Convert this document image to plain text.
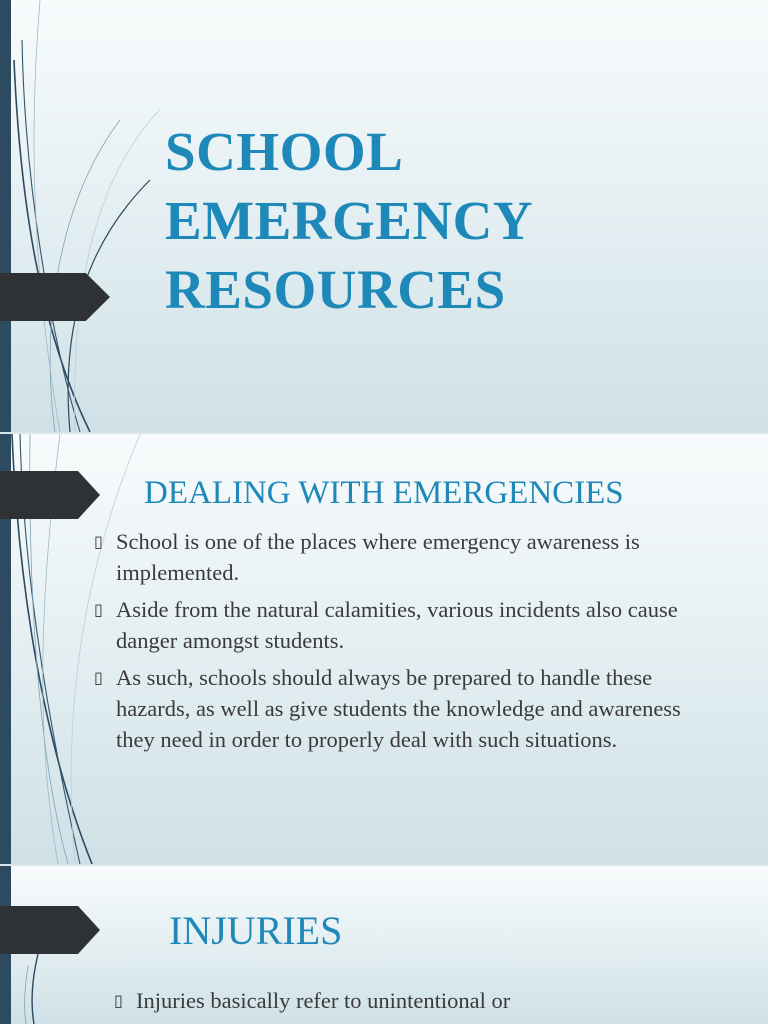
SCHOOL
EMERGENCY
RESOURCES
DEALING WITH EMERGENCIES
▯ School is one of the places where emergency awareness is implemented.
▯ Aside from the natural calamities, various incidents also cause danger amongst students.
▯ As such, schools should always be prepared to handle these hazards, as well as give students the knowledge and awareness they need in order to properly deal with such situations.
INJURIES
▯ Injuries basically refer to unintentional or
